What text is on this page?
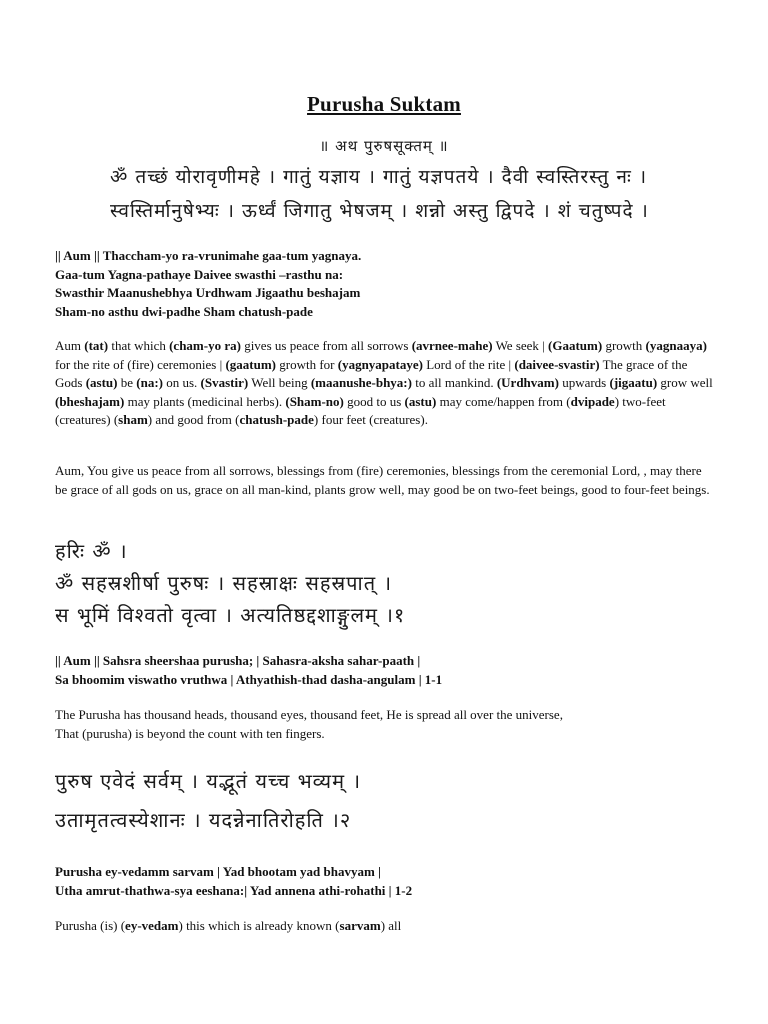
Purusha Suktam
॥ अथ पुरुषसूक्तम् ॥
ॐ तच्छं योरावृणीमहे । गातुं यज्ञाय । गातुं यज्ञपतये । दैवी स्वस्तिरस्तु नः ।
स्वस्तिर्मानुषेभ्यः । ऊर्ध्वं जिगातु भेषजम् । शन्नो अस्तु द्विपदे । शं चतुष्पदे ।
|| Aum || Thaccham-yo ra-vrunimahe gaa-tum yagnaya.
Gaa-tum Yagna-pathaye Daivee swasthi –rasthu na:
Swasthir Maanushebhya Urdhwam Jigaathu beshajam
Sham-no asthu dwi-padhe Sham chatush-pade
Aum (tat) that which (cham-yo ra) gives us peace from all sorrows (avrnee-mahe) We seek | (Gaatum) growth (yagnaaya) for the rite of (fire) ceremonies | (gaatum) growth for (yagnyapataye) Lord of the rite | (daivee-svastir) The grace of the Gods (astu) be (na:) on us. (Svastir) Well being (maanushe-bhya:) to all mankind. (Urdhvam) upwards (jigaatu) grow well (bheshajam) may plants (medicinal herbs). (Sham-no) good to us (astu) may come/happen from (dvipade) two-feet (creatures) (sham) and good from (chatush-pade) four feet (creatures).
Aum, You give us peace from all sorrows, blessings from (fire) ceremonies, blessings from the ceremonial Lord, , may there be grace of all gods on us, grace on all man-kind, plants grow well, may good be on two-feet beings, good to four-feet beings.
हरिः ॐ ।
ॐ सहस्रशीर्षा पुरुषः । सहस्राक्षः सहस्रपात् ।
स भूमिं विश्वतो वृत्वा । अत्यतिष्ठद्दशाङ्गुलम् ।१
|| Aum || Sahsra sheershaa purusha; | Sahasra-aksha sahar-paath |
Sa bhoomim viswatho vruthwa | Athyathish-thad dasha-angulam | 1-1
The Purusha has thousand heads, thousand eyes, thousand feet, He is spread all over the universe,
That (purusha) is beyond the count with ten fingers.
पुरुष एवेदं सर्वम् । यद्भूतं यच्च भव्यम् ।
उतामृतत्वस्येशानः । यदन्नेनातिरोहति ।२
Purusha ey-vedamm sarvam | Yad bhootam yad bhavyam |
Utha amrut-thathwa-sya eeshana:| Yad annena athi-rohathi | 1-2
Purusha (is) (ey-vedam) this which is already known (sarvam) all
